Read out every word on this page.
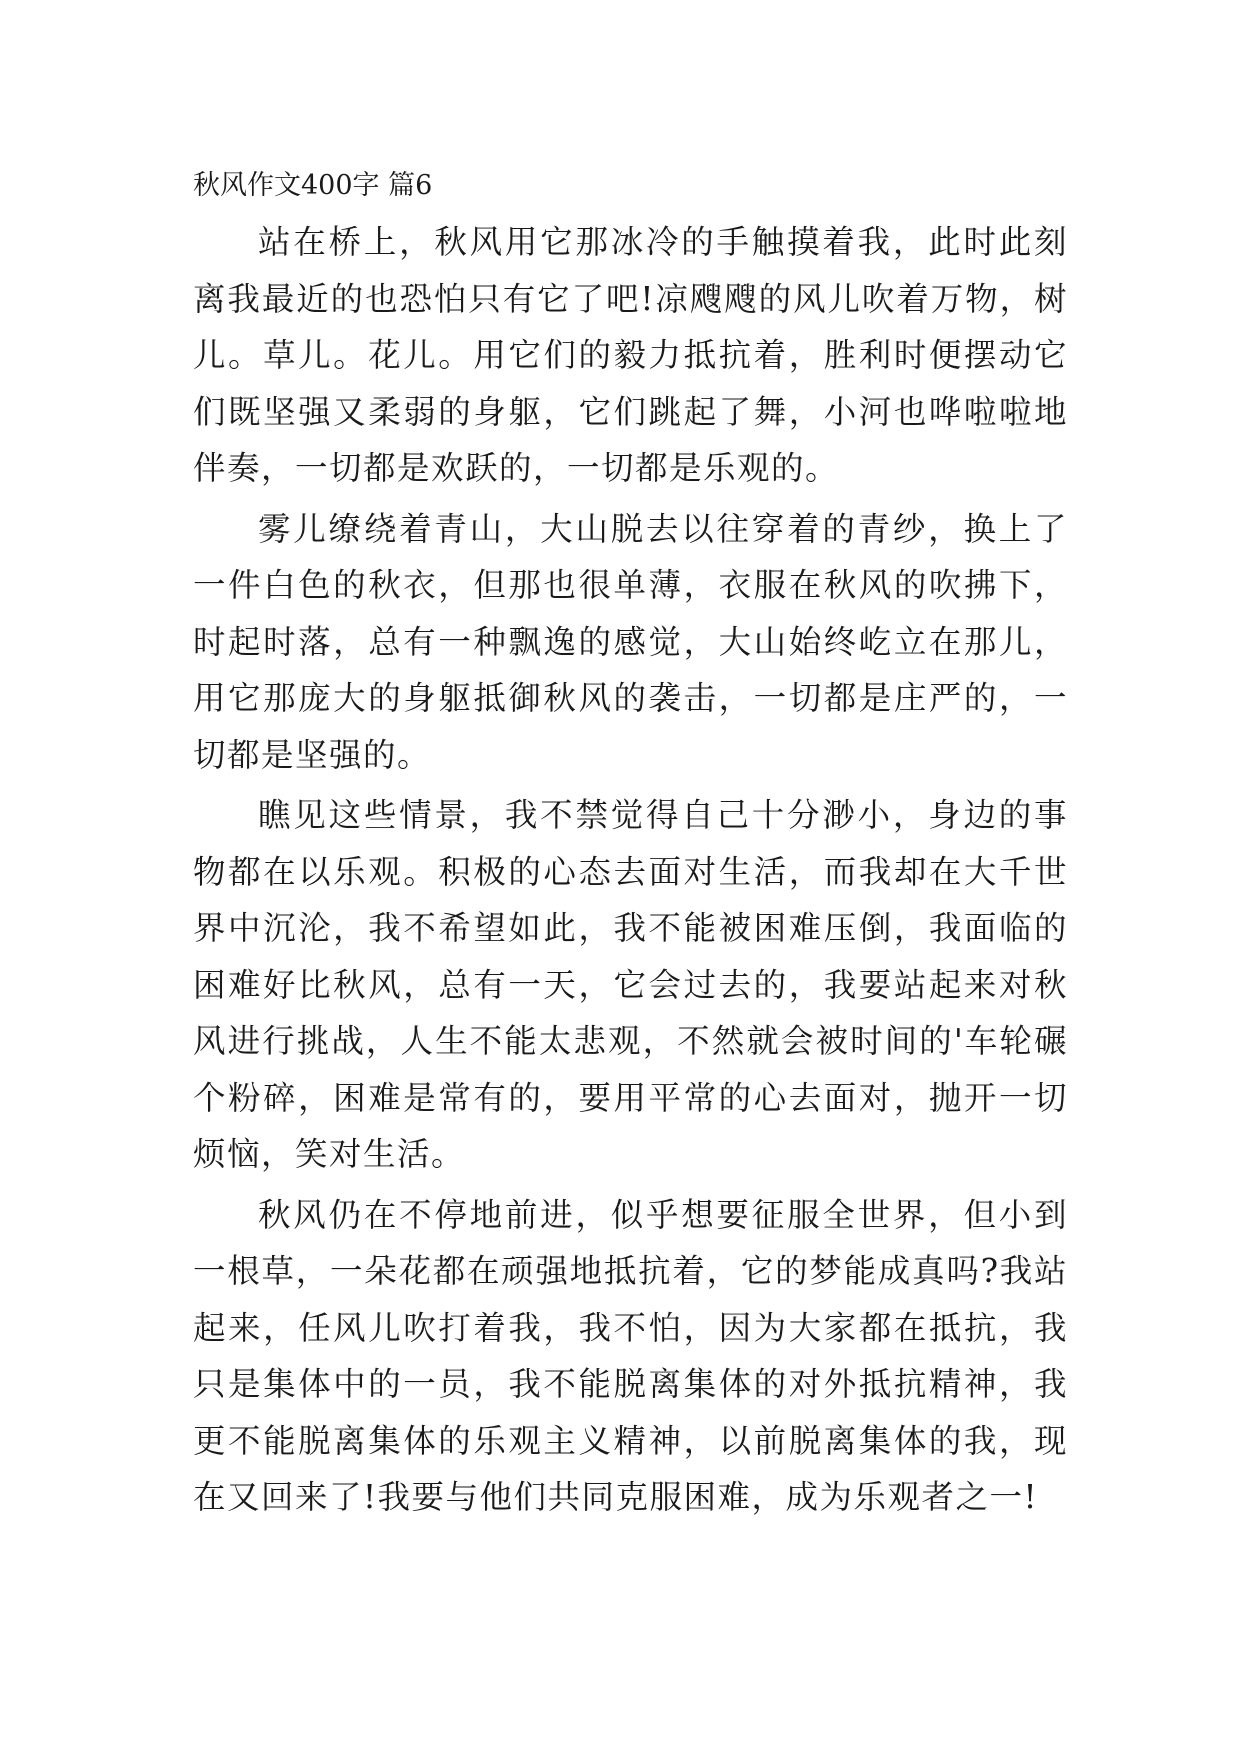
秋风作文400字 篇6

站在桥上，秋风用它那冰冷的手触摸着我，此时此刻离我最近的也恐怕只有它了吧!凉飕飕的风儿吹着万物，树儿。草儿。花儿。用它们的毅力抵抗着，胜利时便摆动它们既坚强又柔弱的身躯，它们跳起了舞，小河也哗啦啦地伴奏，一切都是欢跃的，一切都是乐观的。

雾儿缭绕着青山，大山脱去以往穿着的青纱，换上了一件白色的秋衣，但那也很单薄，衣服在秋风的吹拂下，时起时落，总有一种飘逸的感觉，大山始终屹立在那儿，用它那庞大的身躯抵御秋风的袭击，一切都是庄严的，一切都是坚强的。

瞧见这些情景，我不禁觉得自己十分渺小，身边的事物都在以乐观。积极的心态去面对生活，而我却在大千世界中沉沦，我不希望如此，我不能被困难压倒，我面临的困难好比秋风，总有一天，它会过去的，我要站起来对秋风进行挑战，人生不能太悲观，不然就会被时间的'车轮碾个粉碎，困难是常有的，要用平常的心去面对，抛开一切烦恼，笑对生活。

秋风仍在不停地前进，似乎想要征服全世界，但小到一根草，一朵花都在顽强地抵抗着，它的梦能成真吗?我站起来，任风儿吹打着我，我不怕，因为大家都在抵抗，我只是集体中的一员，我不能脱离集体的对外抵抗精神，我更不能脱离集体的乐观主义精神，以前脱离集体的我，现在又回来了!我要与他们共同克服困难，成为乐观者之一!
